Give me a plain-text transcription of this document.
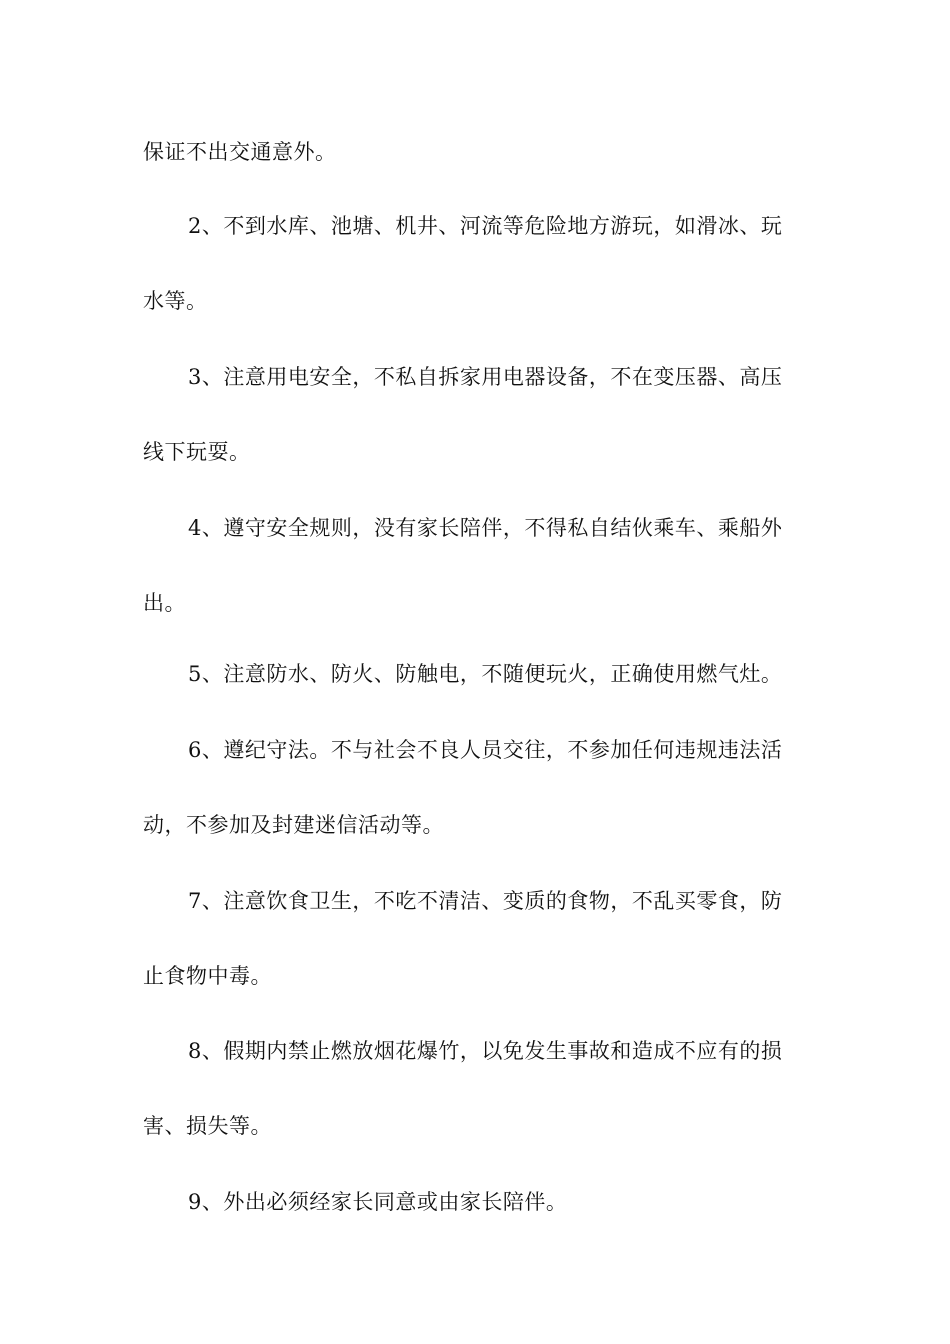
保证不出交通意外。
2、不到水库、池塘、机井、河流等危险地方游玩，如滑冰、玩
水等。
3、注意用电安全，不私自拆家用电器设备，不在变压器、高压
线下玩耍。
4、遵守安全规则，没有家长陪伴，不得私自结伙乘车、乘船外
出。
5、注意防水、防火、防触电，不随便玩火，正确使用燃气灶。
6、遵纪守法。不与社会不良人员交往，不参加任何违规违法活
动，不参加及封建迷信活动等。
7、注意饮食卫生，不吃不清洁、变质的食物，不乱买零食，防
止食物中毒。
8、假期内禁止燃放烟花爆竹，以免发生事故和造成不应有的损
害、损失等。
9、外出必须经家长同意或由家长陪伴。
